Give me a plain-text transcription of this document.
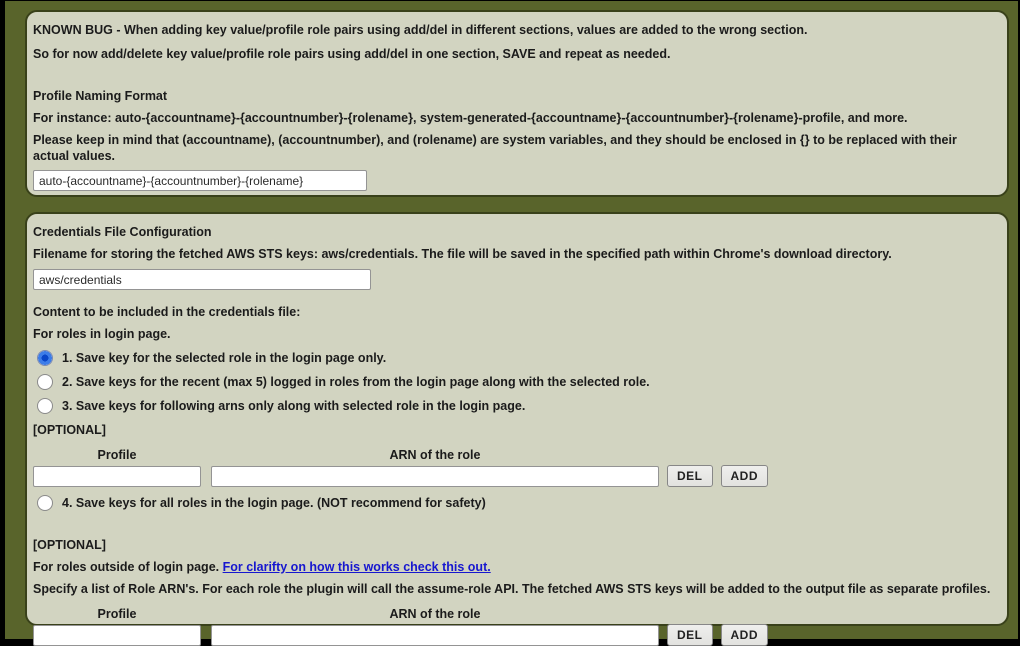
KNOWN BUG - When adding key value/profile role pairs using add/del in different sections, values are added to the wrong section.

So for now add/delete key value/profile role pairs using add/del in one section, SAVE and repeat as needed.

Profile Naming Format

For instance: auto-{accountname}-{accountnumber}-{rolename}, system-generated-{accountname}-{accountnumber}-{rolename}-profile, and more.

Please keep in mind that (accountname), (accountnumber), and (rolename) are system variables, and they should be enclosed in {} to be replaced with their actual values.

auto-{accountname}-{accountnumber}-{rolename}

Credentials File Configuration

Filename for storing the fetched AWS STS keys: aws/credentials. The file will be saved in the specified path within Chrome's download directory.

aws/credentials

Content to be included in the credentials file:

For roles in login page.

1. Save key for the selected role in the login page only.
2. Save keys for the recent (max 5) logged in roles from the login page along with the selected role.
3. Save keys for following arns only along with selected role in the login page.

[OPTIONAL]

Profile	ARN of the role
DEL	ADD
4. Save keys for all roles in the login page. (NOT recommend for safety)

[OPTIONAL]

For roles outside of login page. For clarifty on how this works check this out.

Specify a list of Role ARN's. For each role the plugin will call the assume-role API. The fetched AWS STS keys will be added to the output file as separate profiles.

Profile	ARN of the role
DEL	ADD
